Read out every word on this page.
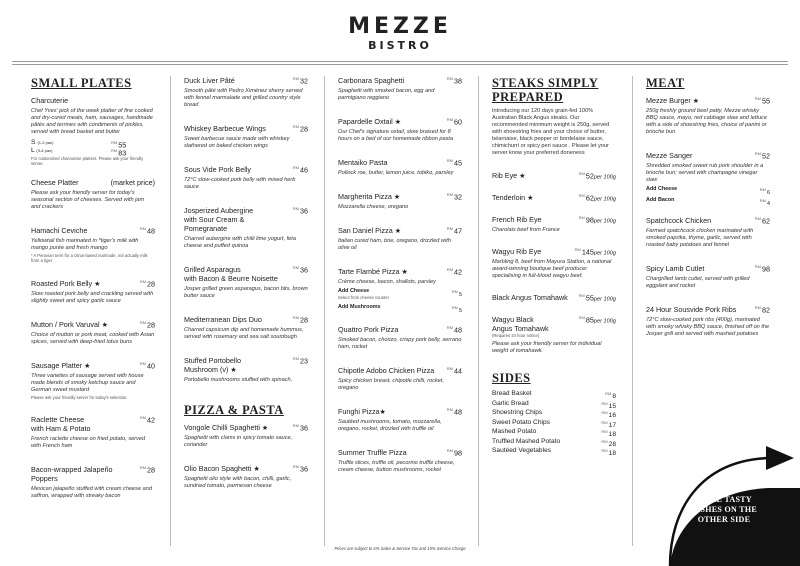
MEZZE
BISTRO
SMALL PLATES
Charcuterie
Chef Yves' pick of the week platter of fine cooked and dry-cured meats, ham, sausages, handmade pâtés and terrines with condiments of pickles, served with bread basket and butter
S (1-2 pax)	$^{RM}$55
L (3-4 pax)	$^{RM}$83
For customized charcuterie platters. Please ask your friendly server.
Cheese Platter	(market price)
Please ask your friendly server for today's seasonal section of cheeses. Served with jam and crackers
Hamachi Ceviche	$^{RM}$48
Yellowtail fish marinated in *tiger's milk with mango purée and fresh mango
* A Peruvian term for a citrus-based marinade, not actually milk from a tiger
Roasted Pork Belly ★	$^{RM}$28
Slow roasted pork belly and crackling served with slightly sweet and spicy garlic sauce
Mutton / Pork Varuval ★	$^{RM}$28
Choice of mutton or pork meat, cooked with Asian spices, served with deep-fried lotus buns
Sausage Platter ★	$^{RM}$40
Three varieties of sausage served with house made blends of smoky ketchup sauce and German sweet mustard
Please ask your friendly server for today's selection.
Raclette Cheese
with Ham & Potato
$^{RM}$42
French raclette cheese on fried potato, served with French ham
Bacon-wrapped Jalapeño Poppers
$^{RM}$28
Mexican jalapeño stuffed with cream cheese and saffron, wrapped with streaky bacon
Duck Liver Pâté	$^{RM}$32
Smooth pâté with Pedro Ximénez sherry served with fennel marmalade and grilled country style bread
Whiskey Barbecue Wings	$^{RM}$28
Sweet barbecue sauce made with whiskey slathered on baked chicken wings
Sous Vide Pork Belly	$^{RM}$46
72°C slow-cooked pork belly with mixed herb sauce
Josperized Aubergine
with Sour Cream & Pomegranate
$^{RM}$36
Charred aubergine with chilli lime yogurt, feta cheese and puffed quinoa
Grilled Asparagus
with Bacon & Beurre Noisette
$^{RM}$36
Josper grilled green asparagus, bacon bits, brown butter sauce
Mediterranean Dips Duo	$^{RM}$28
Charred capsicum dip and homemade hummus, served with rosemary and sea salt sourdough
Stuffed Portobello
Mushroom (v) ★
$^{RM}$23
Portobello mushrooms stuffed with spinach,
PIZZA & PASTA
Vongole Chilli Spaghetti ★	$^{RM}$36
Spaghetti with clams in spicy tomato sauce, coriander
Olio Bacon Spaghetti ★	$^{RM}$36
Spaghetti olio style with bacon, chilli, garlic, sundried tomato, parmesan cheese
Carbonara Spaghetti	$^{RM}$38
Spaghetti with smoked bacon, egg and parmigiano reggiano
Papardelle Oxtail ★	$^{RM}$60
Our Chef's signature oxtail, slow braised for 8 hours on a bed of our homemade ribbon pasta
Mentaiko Pasta	$^{RM}$45
Pollock roe, butter, lemon juice, tobiko, parsley
Margherita Pizza ★	$^{RM}$32
Mozzarella cheese, oregano
San Daniel Pizza ★	$^{RM}$47
Italian cured ham, brie, oregano, drizzled with olive oil
Tarte Flambé Pizza ★	$^{RM}$42
Crème cheese, bacon, shallots, parsley
Add Cheese	$^{RM}$5
Select from cheese counter
Add Mushrooms	$^{RM}$5
Quattro Pork Pizza	$^{RM}$48
Smoked bacon, chorizo, crispy pork belly, serrano ham, rocket
Chipotle Adobo Chicken Pizza	$^{RM}$44
Spicy chicken breast, chipotle chilli, rocket, oregano
Funghi Pizza★	$^{RM}$48
Sautéed mushrooms, tomato, mozzarella, oregano, rocket, drizzled with truffle oil
Summer Truffle Pizza	$^{RM}$98
Truffle slices, truffle oil, pecorino truffle cheese, cream cheese, button mushrooms, rocket
STEAKS SIMPLY
PREPARED
Introducing our 120 days grain-fed 100% Australian Black Angus steaks. Our recommended minimum weight is 250g, served with shoestring fries and your choice of butter, béarnaise, black pepper or bordelaise sauce, chimichurri or spicy peri sauce . Please let your server know your preferred doneness
Rib Eye ★	$^{RM}$52per 100g
Tenderloin ★	$^{RM}$62per 100g
French Rib Eye	$^{RM}$98per 100g
Charolais beef from France
Wagyu Rib Eye	$^{RM}$145per 100g
Marbling 8, beef from Mayura Station, a national award-winning boutique beef producer specialising in full-blood wagyu beef.
Black Angus Tomahawk	$^{RM}$55per 100g
Wagyu Black
Angus Tomahawk
$^{RM}$85per 100g
(Requires 24 hour notice)
Please ask your friendly server for individual weight of tomahawk.
SIDES
Bread Basket	$^{RM}$8
Garlic Bread	$^{RM}$15
Shoestring Chips	$^{RM}$16
Sweet Potato Chips	$^{RM}$17
Mashed Potato	$^{RM}$18
Truffled Mashed Potato	$^{RM}$28
Sautéed Vegetables	$^{RM}$18
MEAT
Mezze Burger ★	$^{RM}$55
250g freshly ground beef patty, Mezze whisky BBQ sauce, mayo, red cabbage slaw and lettuce with a side of shoestring fries, choice of panini or brioche bun
Mezze Sanger	$^{RM}$52
Shredded smoked sweet rub pork shoulder in a brioche bun; served with champagne vinegar slaw
Add Cheese	$^{RM}$6
Add Bacon	$^{RM}$4
Spatchcock Chicken	$^{RM}$62
Farmed spatchcock chicken marinated with smoked paprika, thyme, garlic, served with roasted baby potatoes and fennel
Spicy Lamb Cutlet	$^{RM}$98
Chargrilled lamb cutlet, served with grilled eggplant and rocket
24 Hour Sousvide Pork Ribs	$^{RM}$82
72°C slow-cooked pork ribs (400g), marinated with smoky whisky BBQ sauce, finished off on the Josper grill and served with mashed potatoes
MORE TASTY
DISHES ON THE
OTHER SIDE
Prices are subject to 6% Sales & Service Tax and 10% Service Charge
